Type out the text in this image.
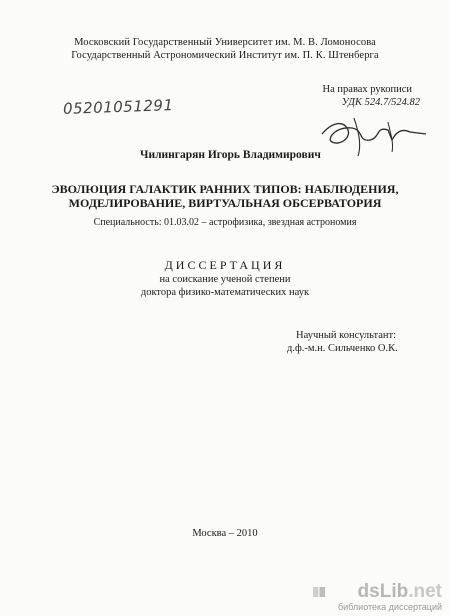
Московский Государственный Университет им. М. В. Ломоносова
Государственный Астрономический Институт им. П. К. Штенберга
На правах рукописи
УДК 524.7/524.82
05201051291
Чилингарян Игорь Владимирович
ЭВОЛЮЦИЯ ГАЛАКТИК РАННИХ ТИПОВ: НАБЛЮДЕНИЯ,
МОДЕЛИРОВАНИЕ, ВИРТУАЛЬНАЯ ОБСЕРВАТОРИЯ
Специальность: 01.03.02 – астрофизика, звездная астрономия
ДИССЕРТАЦИЯ
на соискание ученой степени
доктора физико-математических наук
Научный консультант:
д.ф.-м.н. Сильченко О.К.
Москва – 2010
dsLib.net
библиотека диссертаций
